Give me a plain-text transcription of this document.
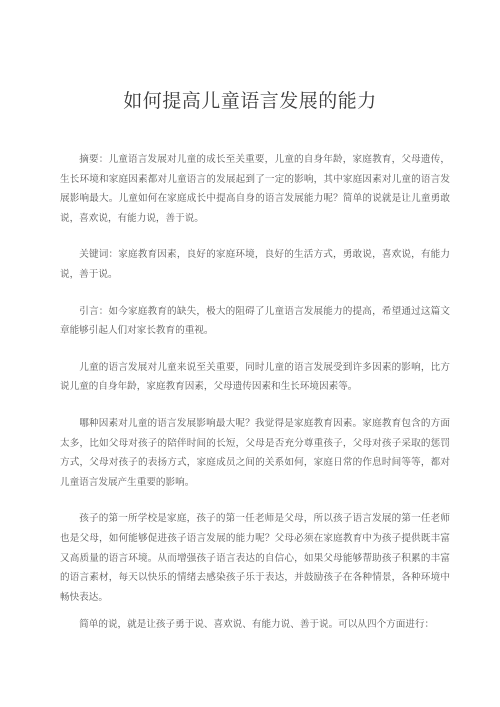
如何提高儿童语言发展的能力

摘要：儿童语言发展对儿童的成长至关重要，儿童的自身年龄，家庭教育，父母遗传，生长环境和家庭因素都对儿童语言的发展起到了一定的影响，其中家庭因素对儿童的语言发展影响最大。儿童如何在家庭成长中提高自身的语言发展能力呢？简单的说就是让儿童勇敢说，喜欢说，有能力说，善于说。

关键词：家庭教育因素，良好的家庭环境，良好的生活方式，勇敢说，喜欢说，有能力说，善于说。

引言：如今家庭教育的缺失，极大的阻碍了儿童语言发展能力的提高，希望通过这篇文章能够引起人们对家长教育的重视。

儿童的语言发展对儿童来说至关重要，同时儿童的语言发展受到许多因素的影响，比方说儿童的自身年龄，家庭教育因素，父母遗传因素和生长环境因素等。

哪种因素对儿童的语言发展影响最大呢？我觉得是家庭教育因素。家庭教育包含的方面太多，比如父母对孩子的陪伴时间的长短，父母是否充分尊重孩子，父母对孩子采取的惩罚方式，父母对孩子的表扬方式，家庭成员之间的关系如何，家庭日常的作息时间等等，都对儿童语言发展产生重要的影响。

孩子的第一所学校是家庭，孩子的第一任老师是父母，所以孩子语言发展的第一任老师也是父母，如何能够促进孩子语言发展的能力呢？父母必须在家庭教育中为孩子提供既丰富又高质量的语言环境。从而增强孩子语言表达的自信心，如果父母能够帮助孩子积累的丰富的语言素材，每天以快乐的情绪去感染孩子乐于表达，并鼓励孩子在各种情景，各种环境中畅快表达。

简单的说，就是让孩子勇于说、喜欢说、有能力说、善于说。可以从四个方面进行：
